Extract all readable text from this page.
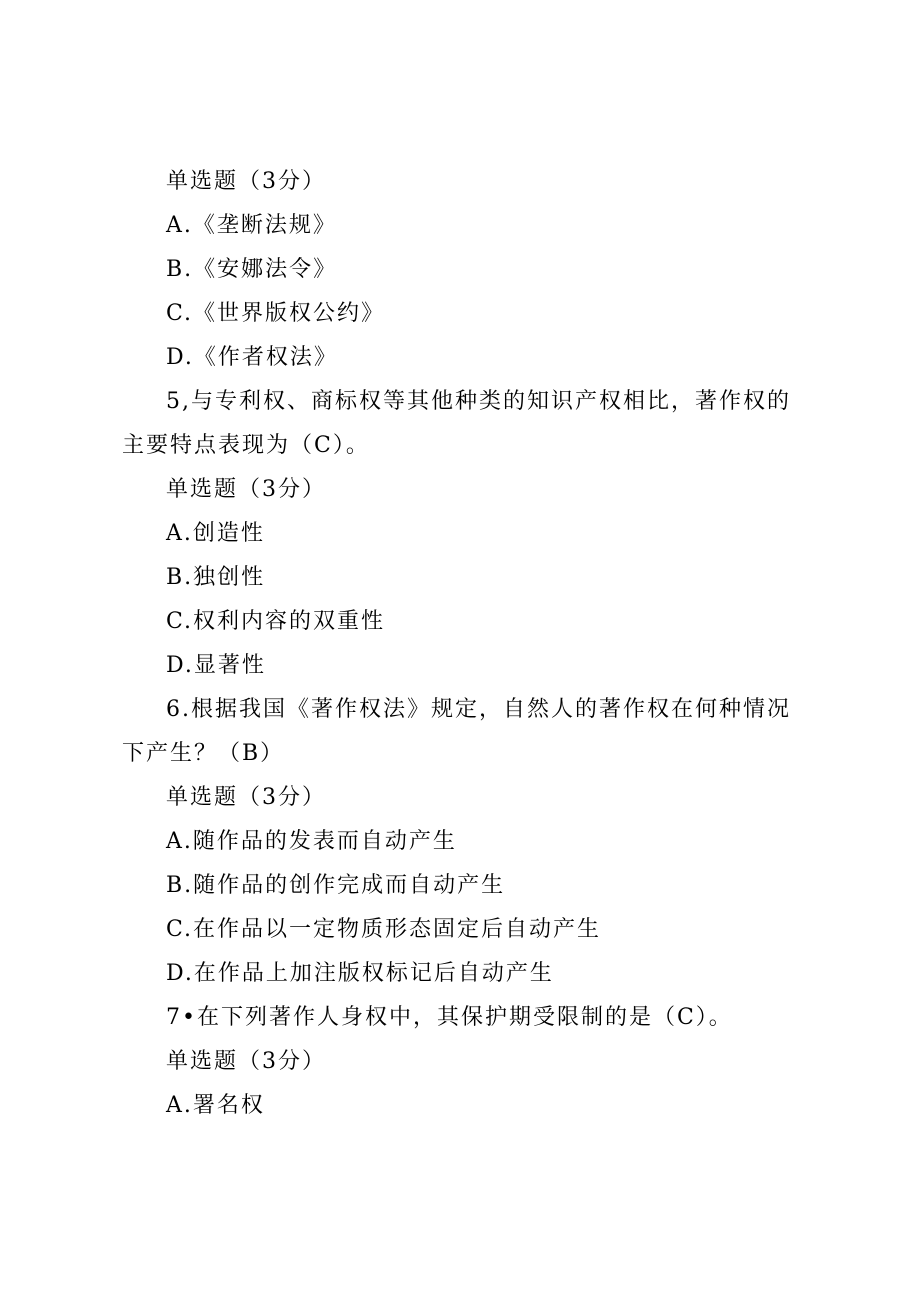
单选题（3分）
A.《垄断法规》
B.《安娜法令》
C.《世界版权公约》
D.《作者权法》
5,与专利权、商标权等其他种类的知识产权相比，著作权的主要特点表现为（C）。
单选题（3分）
A.创造性
B.独创性
C.权利内容的双重性
D.显著性
6.根据我国《著作权法》规定，自然人的著作权在何种情况下产生？（B）
单选题（3分）
A.随作品的发表而自动产生
B.随作品的创作完成而自动产生
C.在作品以一定物质形态固定后自动产生
D.在作品上加注版权标记后自动产生
7•在下列著作人身权中，其保护期受限制的是（C）。
单选题（3分）
A.署名权
